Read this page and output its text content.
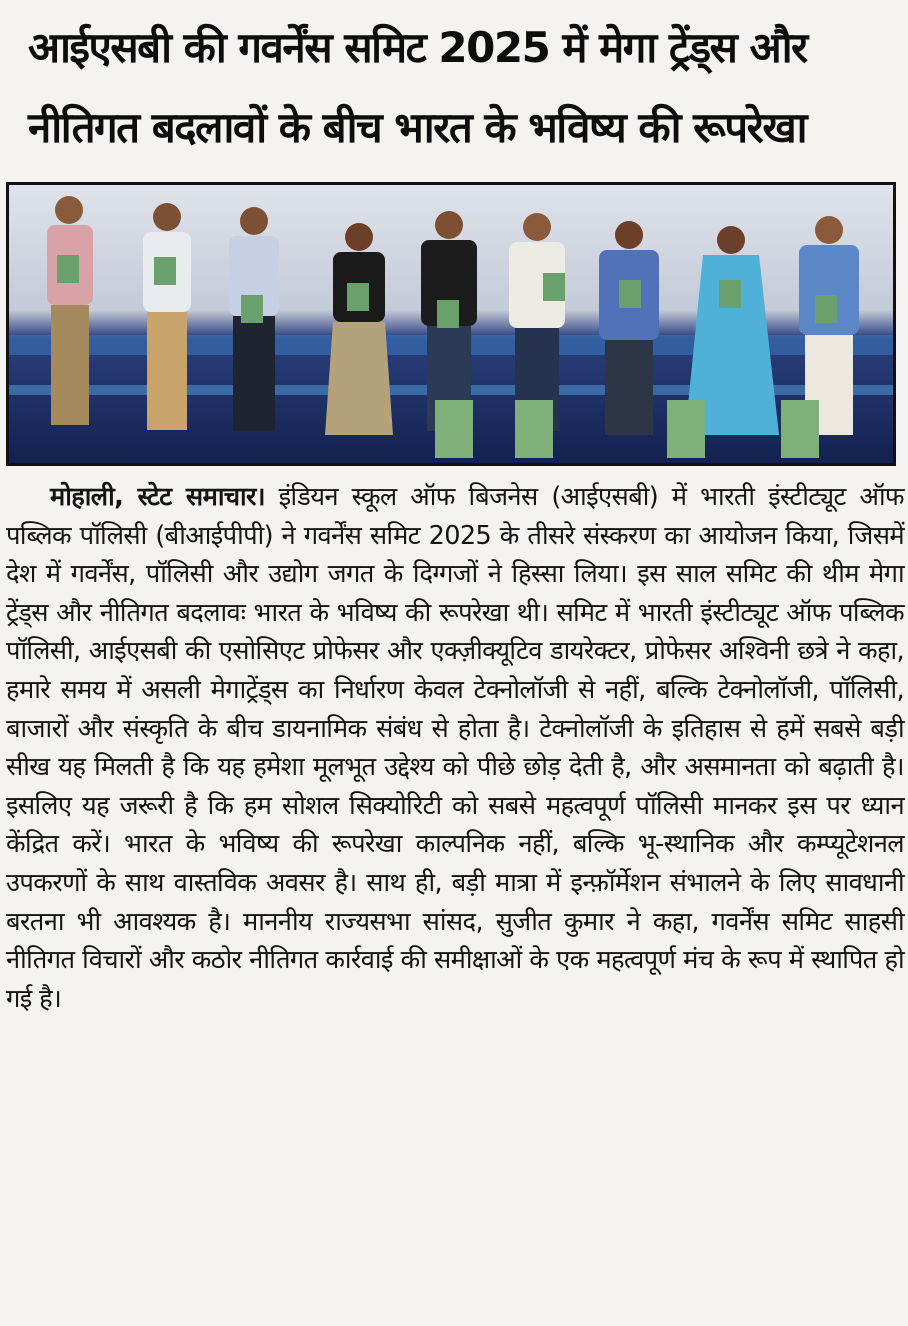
आईएसबी की गवर्नेंस समिट 2025 में मेगा ट्रेंड्स और नीतिगत बदलावों के बीच भारत के भविष्य की रूपरेखा
मोहाली, स्टेट समाचार। इंडियन स्कूल ऑफ बिजनेस (आईएसबी) में भारती इंस्टीट्यूट ऑफ पब्लिक पॉलिसी (बीआईपीपी) ने गवर्नेंस समिट 2025 के तीसरे संस्करण का आयोजन किया, जिसमें देश में गवर्नेंस, पॉलिसी और उद्योग जगत के दिग्गजों ने हिस्सा लिया। इस साल समिट की थीम मेगा ट्रेंड्स और नीतिगत बदलावः भारत के भविष्य की रूपरेखा थी। समिट में भारती इंस्टीट्यूट ऑफ पब्लिक पॉलिसी, आईएसबी की एसोसिएट प्रोफेसर और एक्ज़ीक्यूटिव डायरेक्टर, प्रोफेसर अश्विनी छत्रे ने कहा, हमारे समय में असली मेगाट्रेंड्स का निर्धारण केवल टेक्नोलॉजी से नहीं, बल्कि टेक्नोलॉजी, पॉलिसी, बाजारों और संस्कृति के बीच डायनामिक संबंध से होता है। टेक्नोलॉजी के इतिहास से हमें सबसे बड़ी सीख यह मिलती है कि यह हमेशा मूलभूत उद्देश्य को पीछे छोड़ देती है, और असमानता को बढ़ाती है। इसलिए यह जरूरी है कि हम सोशल सिक्योरिटी को सबसे महत्वपूर्ण पॉलिसी मानकर इस पर ध्यान केंद्रित करें। भारत के भविष्य की रूपरेखा काल्पनिक नहीं, बल्कि भू-स्थानिक और कम्प्यूटेशनल उपकरणों के साथ वास्तविक अवसर है। साथ ही, बड़ी मात्रा में इन्फ़ॉर्मेशन संभालने के लिए सावधानी बरतना भी आवश्यक है। माननीय राज्यसभा सांसद, सुजीत कुमार ने कहा, गवर्नेंस समिट साहसी नीतिगत विचारों और कठोर नीतिगत कार्रवाई की समीक्षाओं के एक महत्वपूर्ण मंच के रूप में स्थापित हो गई है।
